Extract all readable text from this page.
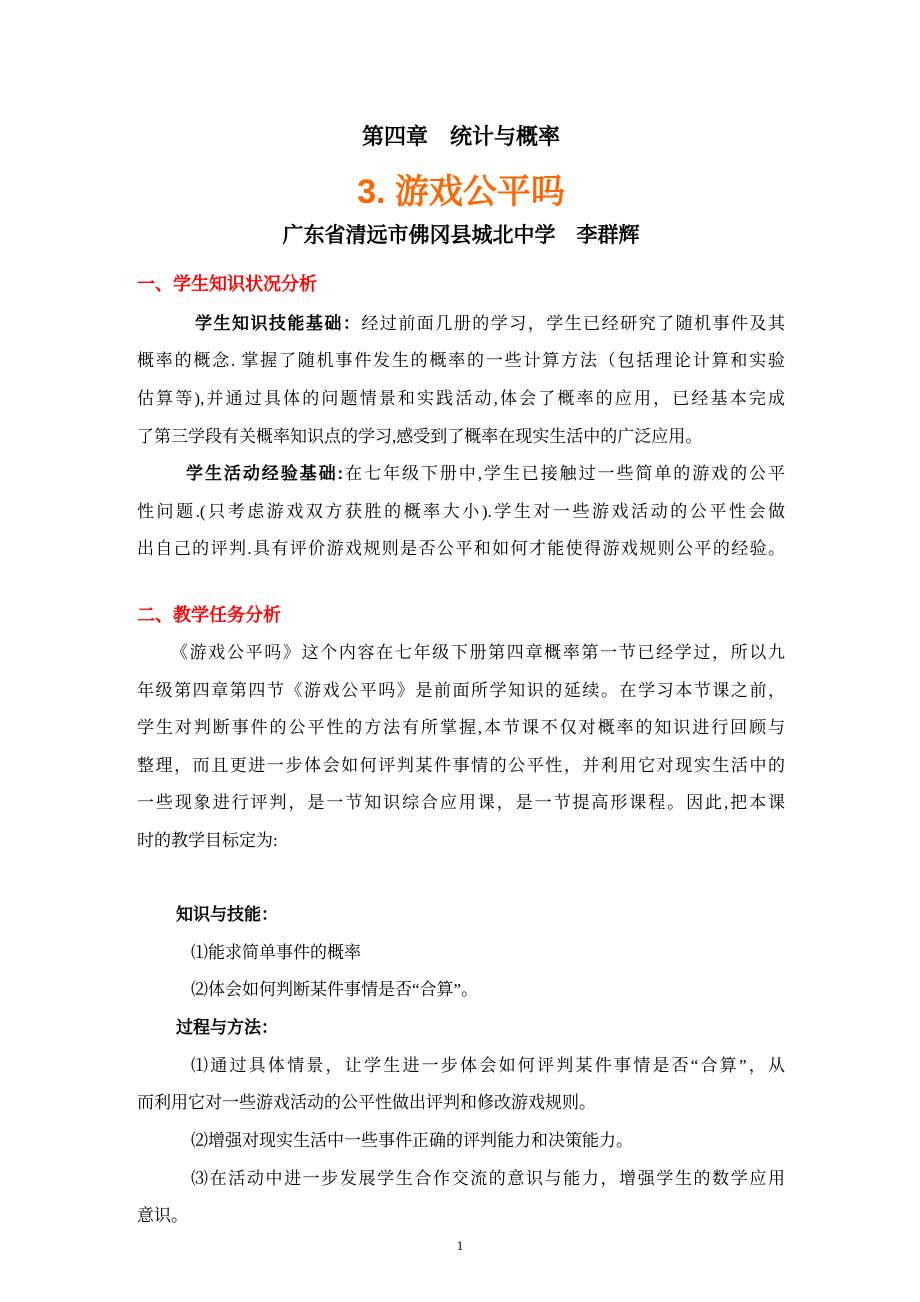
第四章　统计与概率
3. 游戏公平吗
广东省清远市佛冈县城北中学　李群辉
一、学生知识状况分析
学生知识技能基础：经过前面几册的学习，学生已经研究了随机事件及其
概率的概念. 掌握了随机事件发生的概率的一些计算方法（包括理论计算和实验
估算等),并通过具体的问题情景和实践活动,体会了概率的应用，已经基本完成
了第三学段有关概率知识点的学习,感受到了概率在现实生活中的广泛应用。
学生活动经验基础:在七年级下册中,学生已接触过一些简单的游戏的公平
性问题.(只考虑游戏双方获胜的概率大小).学生对一些游戏活动的公平性会做
出自己的评判.具有评价游戏规则是否公平和如何才能使得游戏规则公平的经验。
二、教学任务分析
《游戏公平吗》这个内容在七年级下册第四章概率第一节已经学过，所以九
年级第四章第四节《游戏公平吗》是前面所学知识的延续。在学习本节课之前，
学生对判断事件的公平性的方法有所掌握,本节课不仅对概率的知识进行回顾与
整理，而且更进一步体会如何评判某件事情的公平性，并利用它对现实生活中的
一些现象进行评判，是一节知识综合应用课，是一节提高形课程。因此,把本课
时的教学目标定为:
知识与技能：
⑴能求简单事件的概率
⑵体会如何判断某件事情是否“合算”。
过程与方法：
⑴通过具体情景，让学生进一步体会如何评判某件事情是否“合算”，从
而利用它对一些游戏活动的公平性做出评判和修改游戏规则。
⑵增强对现实生活中一些事件正确的评判能力和决策能力。
⑶在活动中进一步发展学生合作交流的意识与能力，增强学生的数学应用
意识。
1
